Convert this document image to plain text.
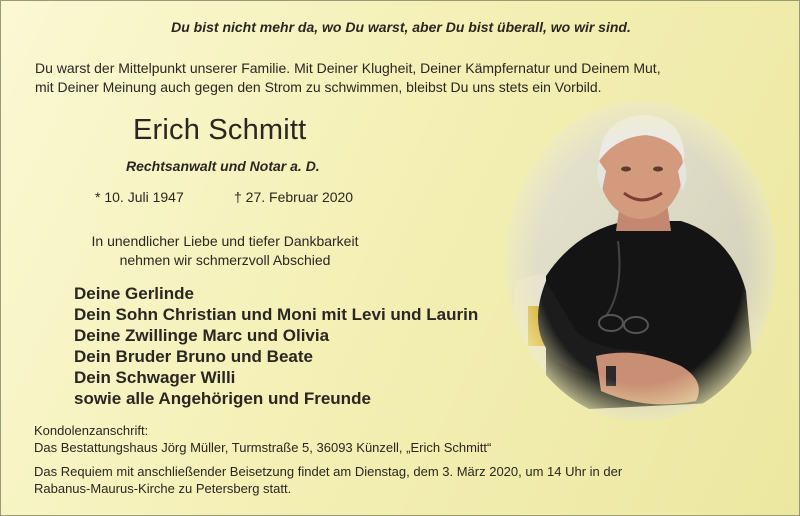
Du bist nicht mehr da, wo Du warst, aber Du bist überall, wo wir sind.
Du warst der Mittelpunkt unserer Familie. Mit Deiner Klugheit, Deiner Kämpfernatur und Deinem Mut,
mit Deiner Meinung auch gegen den Strom zu schwimmen, bleibst Du uns stets ein Vorbild.
Erich Schmitt
Rechtsanwalt und Notar a. D.
* 10. Juli 1947	† 27. Februar 2020
In unendlicher Liebe und tiefer Dankbarkeit
nehmen wir schmerzvoll Abschied
Deine Gerlinde
Dein Sohn Christian und Moni mit Levi und Laurin
Deine Zwillinge Marc und Olivia
Dein Bruder Bruno und Beate
Dein Schwager Willi
sowie alle Angehörigen und Freunde

Kondolenzanschrift:

Das Bestattungshaus Jörg Müller, Turmstraße 5, 36093 Künzell, „Erich Schmitt“

Das Requiem mit anschließender Beisetzung findet am Dienstag, dem 3. März 2020, um 14 Uhr in der

Rabanus-Maurus-Kirche zu Petersberg statt.
